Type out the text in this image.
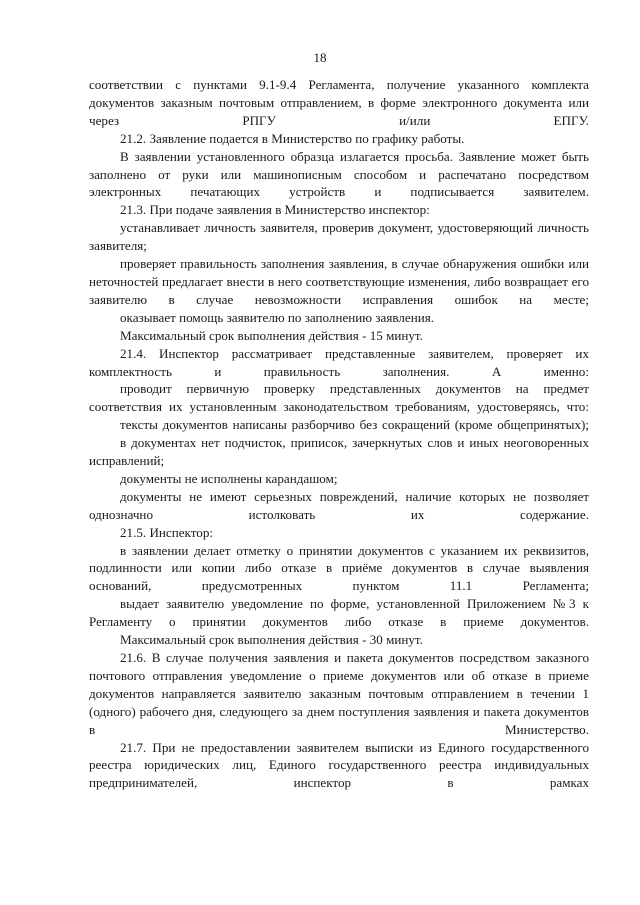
18

соответствии с пунктами 9.1-9.4 Регламента, получение указанного комплекта документов заказным почтовым отправлением, в форме электронного документа или через РПГУ и/или ЕПГУ.

21.2. Заявление подается в Министерство по графику работы.

В заявлении установленного образца излагается просьба. Заявление может быть заполнено от руки или машинописным способом и распечатано посредством электронных печатающих устройств и подписывается заявителем.

21.3. При подаче заявления в Министерство инспектор:

устанавливает личность заявителя, проверив документ, удостоверяющий личность заявителя;

проверяет правильность заполнения заявления, в случае обнаружения ошибки или неточностей предлагает внести в него соответствующие изменения, либо возвращает его заявителю в случае невозможности исправления ошибок на месте;

оказывает помощь заявителю по заполнению заявления.

Максимальный срок выполнения действия - 15 минут.

21.4. Инспектор рассматривает представленные заявителем, проверяет их комплектность и правильность заполнения. А именно:

проводит первичную проверку представленных документов на предмет соответствия их установленным законодательством требованиям, удостоверяясь, что:

тексты документов написаны разборчиво без сокращений (кроме общепринятых);

в документах нет подчисток, приписок, зачеркнутых слов и иных неоговоренных исправлений;

документы не исполнены карандашом;

документы не имеют серьезных повреждений, наличие которых не позволяет однозначно истолковать их содержание.

21.5. Инспектор:

в заявлении делает отметку о принятии документов с указанием их реквизитов, подлинности или копии либо отказе в приёме документов в случае выявления оснований, предусмотренных пунктом 11.1 Регламента;

выдает заявителю уведомление по форме, установленной Приложением №3 к Регламенту о принятии документов либо отказе в приеме документов.

Максимальный срок выполнения действия - 30 минут.

21.6. В случае получения заявления и пакета документов посредством заказного почтового отправления уведомление о приеме документов или об отказе в приеме документов направляется заявителю заказным почтовым отправлением в течении 1 (одного) рабочего дня, следующего за днем поступления заявления и пакета документов в Министерство.

21.7. При не предоставлении заявителем выписки из Единого государственного реестра юридических лиц, Единого государственного реестра индивидуальных предпринимателей, инспектор в рамках
